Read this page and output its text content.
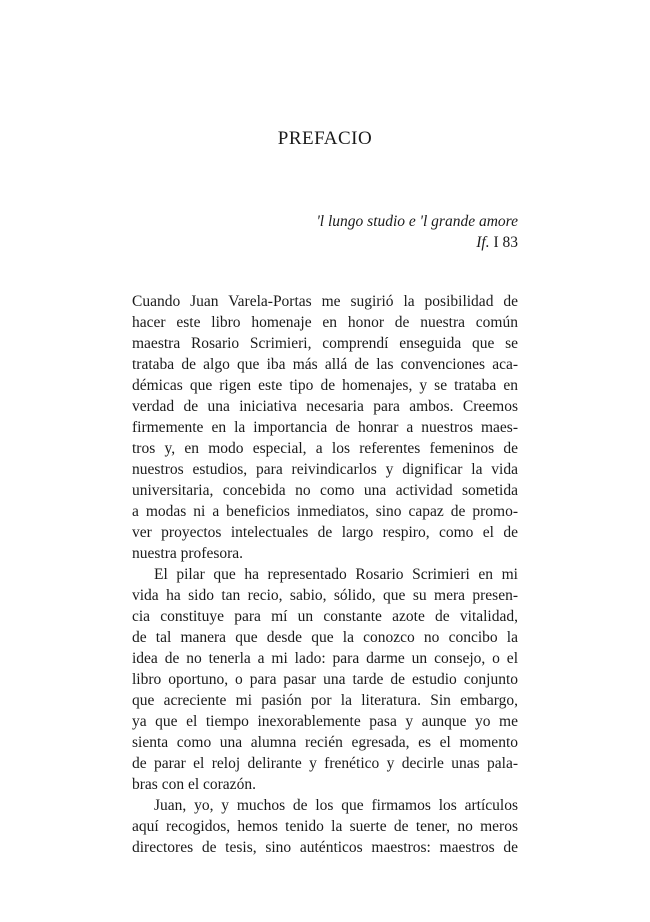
PREFACIO
'l lungo studio e 'l grande amore
If. I 83
Cuando Juan Varela-Portas me sugirió la posibilidad de
hacer este libro homenaje en honor de nuestra común
maestra Rosario Scrimieri, comprendí enseguida que se
trataba de algo que iba más allá de las convenciones aca-
démicas que rigen este tipo de homenajes, y se trataba en
verdad de una iniciativa necesaria para ambos. Creemos
firmemente en la importancia de honrar a nuestros maes-
tros y, en modo especial, a los referentes femeninos de
nuestros estudios, para reivindicarlos y dignificar la vida
universitaria, concebida no como una actividad sometida
a modas ni a beneficios inmediatos, sino capaz de promo-
ver proyectos intelectuales de largo respiro, como el de
nuestra profesora.
El pilar que ha representado Rosario Scrimieri en mi
vida ha sido tan recio, sabio, sólido, que su mera presen-
cia constituye para mí un constante azote de vitalidad,
de tal manera que desde que la conozco no concibo la
idea de no tenerla a mi lado: para darme un consejo, o el
libro oportuno, o para pasar una tarde de estudio conjunto
que acreciente mi pasión por la literatura. Sin embargo,
ya que el tiempo inexorablemente pasa y aunque yo me
sienta como una alumna recién egresada, es el momento
de parar el reloj delirante y frenético y decirle unas pala-
bras con el corazón.
Juan, yo, y muchos de los que firmamos los artículos
aquí recogidos, hemos tenido la suerte de tener, no meros
directores de tesis, sino auténticos maestros: maestros de
